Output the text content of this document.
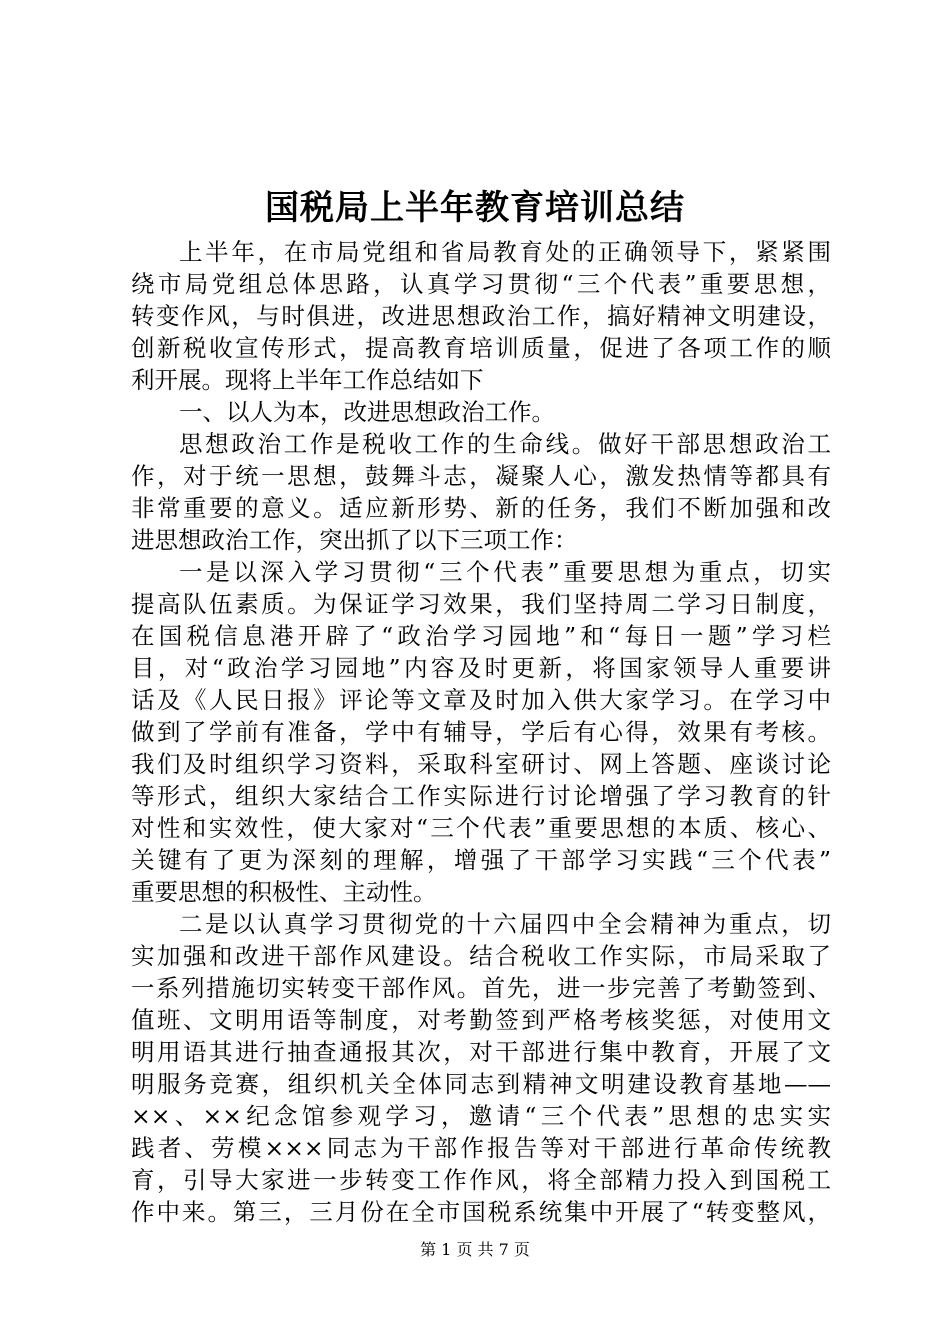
国税局上半年教育培训总结
上半年，在市局党组和省局教育处的正确领导下，紧紧围
绕市局党组总体思路，认真学习贯彻“三个代表”重要思想，
转变作风，与时俱进，改进思想政治工作，搞好精神文明建设，
创新税收宣传形式，提高教育培训质量，促进了各项工作的顺
利开展。现将上半年工作总结如下
一、以人为本，改进思想政治工作。
思想政治工作是税收工作的生命线。做好干部思想政治工
作，对于统一思想，鼓舞斗志，凝聚人心，激发热情等都具有
非常重要的意义。适应新形势、新的任务，我们不断加强和改
进思想政治工作，突出抓了以下三项工作：
一是以深入学习贯彻“三个代表”重要思想为重点，切实
提高队伍素质。为保证学习效果，我们坚持周二学习日制度，
在国税信息港开辟了“政治学习园地”和“每日一题”学习栏
目，对“政治学习园地”内容及时更新，将国家领导人重要讲
话及《人民日报》评论等文章及时加入供大家学习。在学习中
做到了学前有准备，学中有辅导，学后有心得，效果有考核。
我们及时组织学习资料，采取科室研讨、网上答题、座谈讨论
等形式，组织大家结合工作实际进行讨论增强了学习教育的针
对性和实效性，使大家对“三个代表”重要思想的本质、核心、
关键有了更为深刻的理解，增强了干部学习实践“三个代表”
重要思想的积极性、主动性。
二是以认真学习贯彻党的十六届四中全会精神为重点，切
实加强和改进干部作风建设。结合税收工作实际，市局采取了
一系列措施切实转变干部作风。首先，进一步完善了考勤签到、
值班、文明用语等制度，对考勤签到严格考核奖惩，对使用文
明用语其进行抽查通报其次，对干部进行集中教育，开展了文
明服务竞赛，组织机关全体同志到精神文明建设教育基地——
××、××纪念馆参观学习，邀请“三个代表”思想的忠实实
践者、劳模×××同志为干部作报告等对干部进行革命传统教
育，引导大家进一步转变工作作风，将全部精力投入到国税工
作中来。第三，三月份在全市国税系统集中开展了“转变整风，
第 1 页 共 7 页
